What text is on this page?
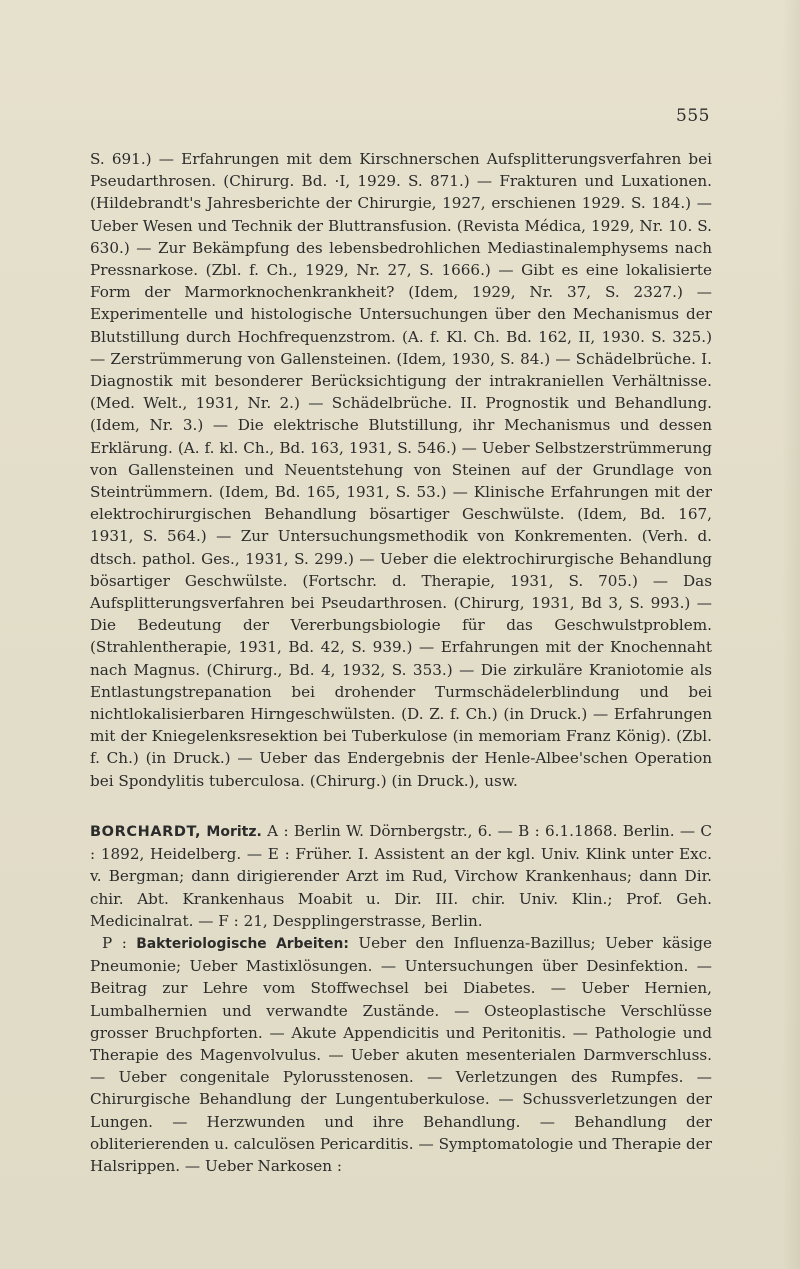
555

S. 691.) — Erfahrungen mit dem Kirschnerschen Aufsplitterungsverfahren bei Pseudarthrosen. (Chirurg. Bd. ·I, 1929. S. 871.) — Frakturen und Luxationen. (Hildebrandt's Jahresberichte der Chirurgie, 1927, erschienen 1929. S. 184.) — Ueber Wesen und Technik der Bluttransfusion. (Revista Médica, 1929, Nr. 10. S. 630.) — Zur Bekämpfung des lebensbedrohlichen Mediastinalemphysems nach Pressnarkose. (Zbl. f. Ch., 1929, Nr. 27, S. 1666.) — Gibt es eine lokalisierte Form der Marmorknochenkrankheit? (Idem, 1929, Nr. 37, S. 2327.) — Experimentelle und histologische Untersuchungen über den Mechanismus der Blutstillung durch Hochfrequenzstrom. (A. f. Kl. Ch. Bd. 162, II, 1930. S. 325.) — Zerstrümmerung von Gallensteinen. (Idem, 1930, S. 84.) — Schädelbrüche. I. Diagnostik mit besonderer Berücksichtigung der intrakraniellen Verhältnisse. (Med. Welt., 1931, Nr. 2.) — Schädelbrüche. II. Prognostik und Behandlung. (Idem, Nr. 3.) — Die elektrische Blutstillung, ihr Mechanismus und dessen Erklärung. (A. f. kl. Ch., Bd. 163, 1931, S. 546.) — Ueber Selbstzerstrümmerung von Gallensteinen und Neuentstehung von Steinen auf der Grundlage von Steintrümmern. (Idem, Bd. 165, 1931, S. 53.) — Klinische Erfahrungen mit der elektrochirurgischen Behandlung bösartiger Geschwülste. (Idem, Bd. 167, 1931, S. 564.) — Zur Untersuchungsmethodik von Konkrementen. (Verh. d. dtsch. pathol. Ges., 1931, S. 299.) — Ueber die elektrochirurgische Behandlung bösartiger Geschwülste. (Fortschr. d. Therapie, 1931, S. 705.) — Das Aufsplitterungsverfahren bei Pseudarthrosen. (Chirurg, 1931, Bd 3, S. 993.) — Die Bedeutung der Vererbungsbiologie für das Geschwulstproblem. (Strahlentherapie, 1931, Bd. 42, S. 939.) — Erfahrungen mit der Knochennaht nach Magnus. (Chirurg., Bd. 4, 1932, S. 353.) — Die zirkuläre Kraniotomie als Entlastungstrepanation bei drohender Turmschädelerblindung und bei nichtlokalisierbaren Hirngeschwülsten. (D. Z. f. Ch.) (in Druck.) — Erfahrungen mit der Kniegelenksresektion bei Tuberkulose (in memoriam Franz König). (Zbl. f. Ch.) (in Druck.) — Ueber das Endergebnis der Henle-Albee'schen Operation bei Spondylitis tuberculosa. (Chirurg.) (in Druck.), usw.

BORCHARDT, Moritz. A : Berlin W. Dörnbergstr., 6. — B : 6.1.1868. Berlin. — C : 1892, Heidelberg. — E : Früher. I. Assistent an der kgl. Univ. Klink unter Exc. v. Bergman; dann dirigierender Arzt im Rud, Virchow Krankenhaus; dann Dir. chir. Abt. Krankenhaus Moabit u. Dir. III. chir. Univ. Klin.; Prof. Geh. Medicinalrat. — F : 21, Despplingerstrasse, Berlin.

P : Bakteriologische Arbeiten: Ueber den Influenza-Bazillus; Ueber käsige Pneumonie; Ueber Mastixlösungen. — Untersuchungen über Desinfektion. — Beitrag zur Lehre vom Stoffwechsel bei Diabetes. — Ueber Hernien, Lumbalhernien und verwandte Zustände. — Osteoplastische Verschlüsse grosser Bruchpforten. — Akute Appendicitis und Peritonitis. — Pathologie und Therapie des Magenvolvulus. — Ueber akuten mesenterialen Darmverschluss. — Ueber congenitale Pylorusstenosen. — Verletzungen des Rumpfes. — Chirurgische Behandlung der Lungentuberkulose. — Schussverletzungen der Lungen. — Herzwunden und ihre Behandlung. — Behandlung der obliterierenden u. calculösen Pericarditis. — Symptomatologie und Therapie der Halsrippen. — Ueber Narkosen :
